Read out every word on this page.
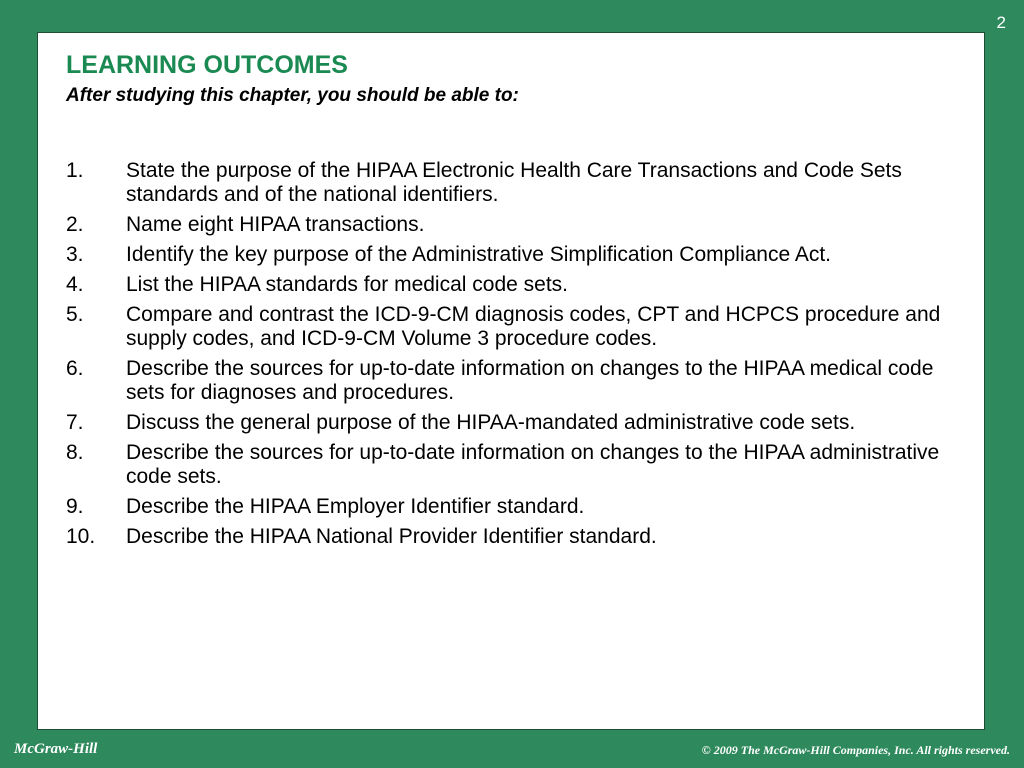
2
LEARNING OUTCOMES

After studying this chapter, you should be able to:

1.	State the purpose of the HIPAA Electronic Health Care Transactions and Code Sets standards and of the national identifiers.
2.	Name eight HIPAA transactions.
3.	Identify the key purpose of the Administrative Simplification Compliance Act.
4.	List the HIPAA standards for medical code sets.
5.	Compare and contrast the ICD-9-CM diagnosis codes, CPT and HCPCS procedure and supply codes, and ICD-9-CM Volume 3 procedure codes.
6.	Describe the sources for up-to-date information on changes to the HIPAA medical code sets for diagnoses and procedures.
7.	Discuss the general purpose of the HIPAA-mandated administrative code sets.
8.	Describe the sources for up-to-date information on changes to the HIPAA administrative code sets.
9.	Describe the HIPAA Employer Identifier standard.
10.	Describe the HIPAA National Provider Identifier standard.
McGraw-Hill	© 2009 The McGraw-Hill Companies, Inc. All rights reserved.
